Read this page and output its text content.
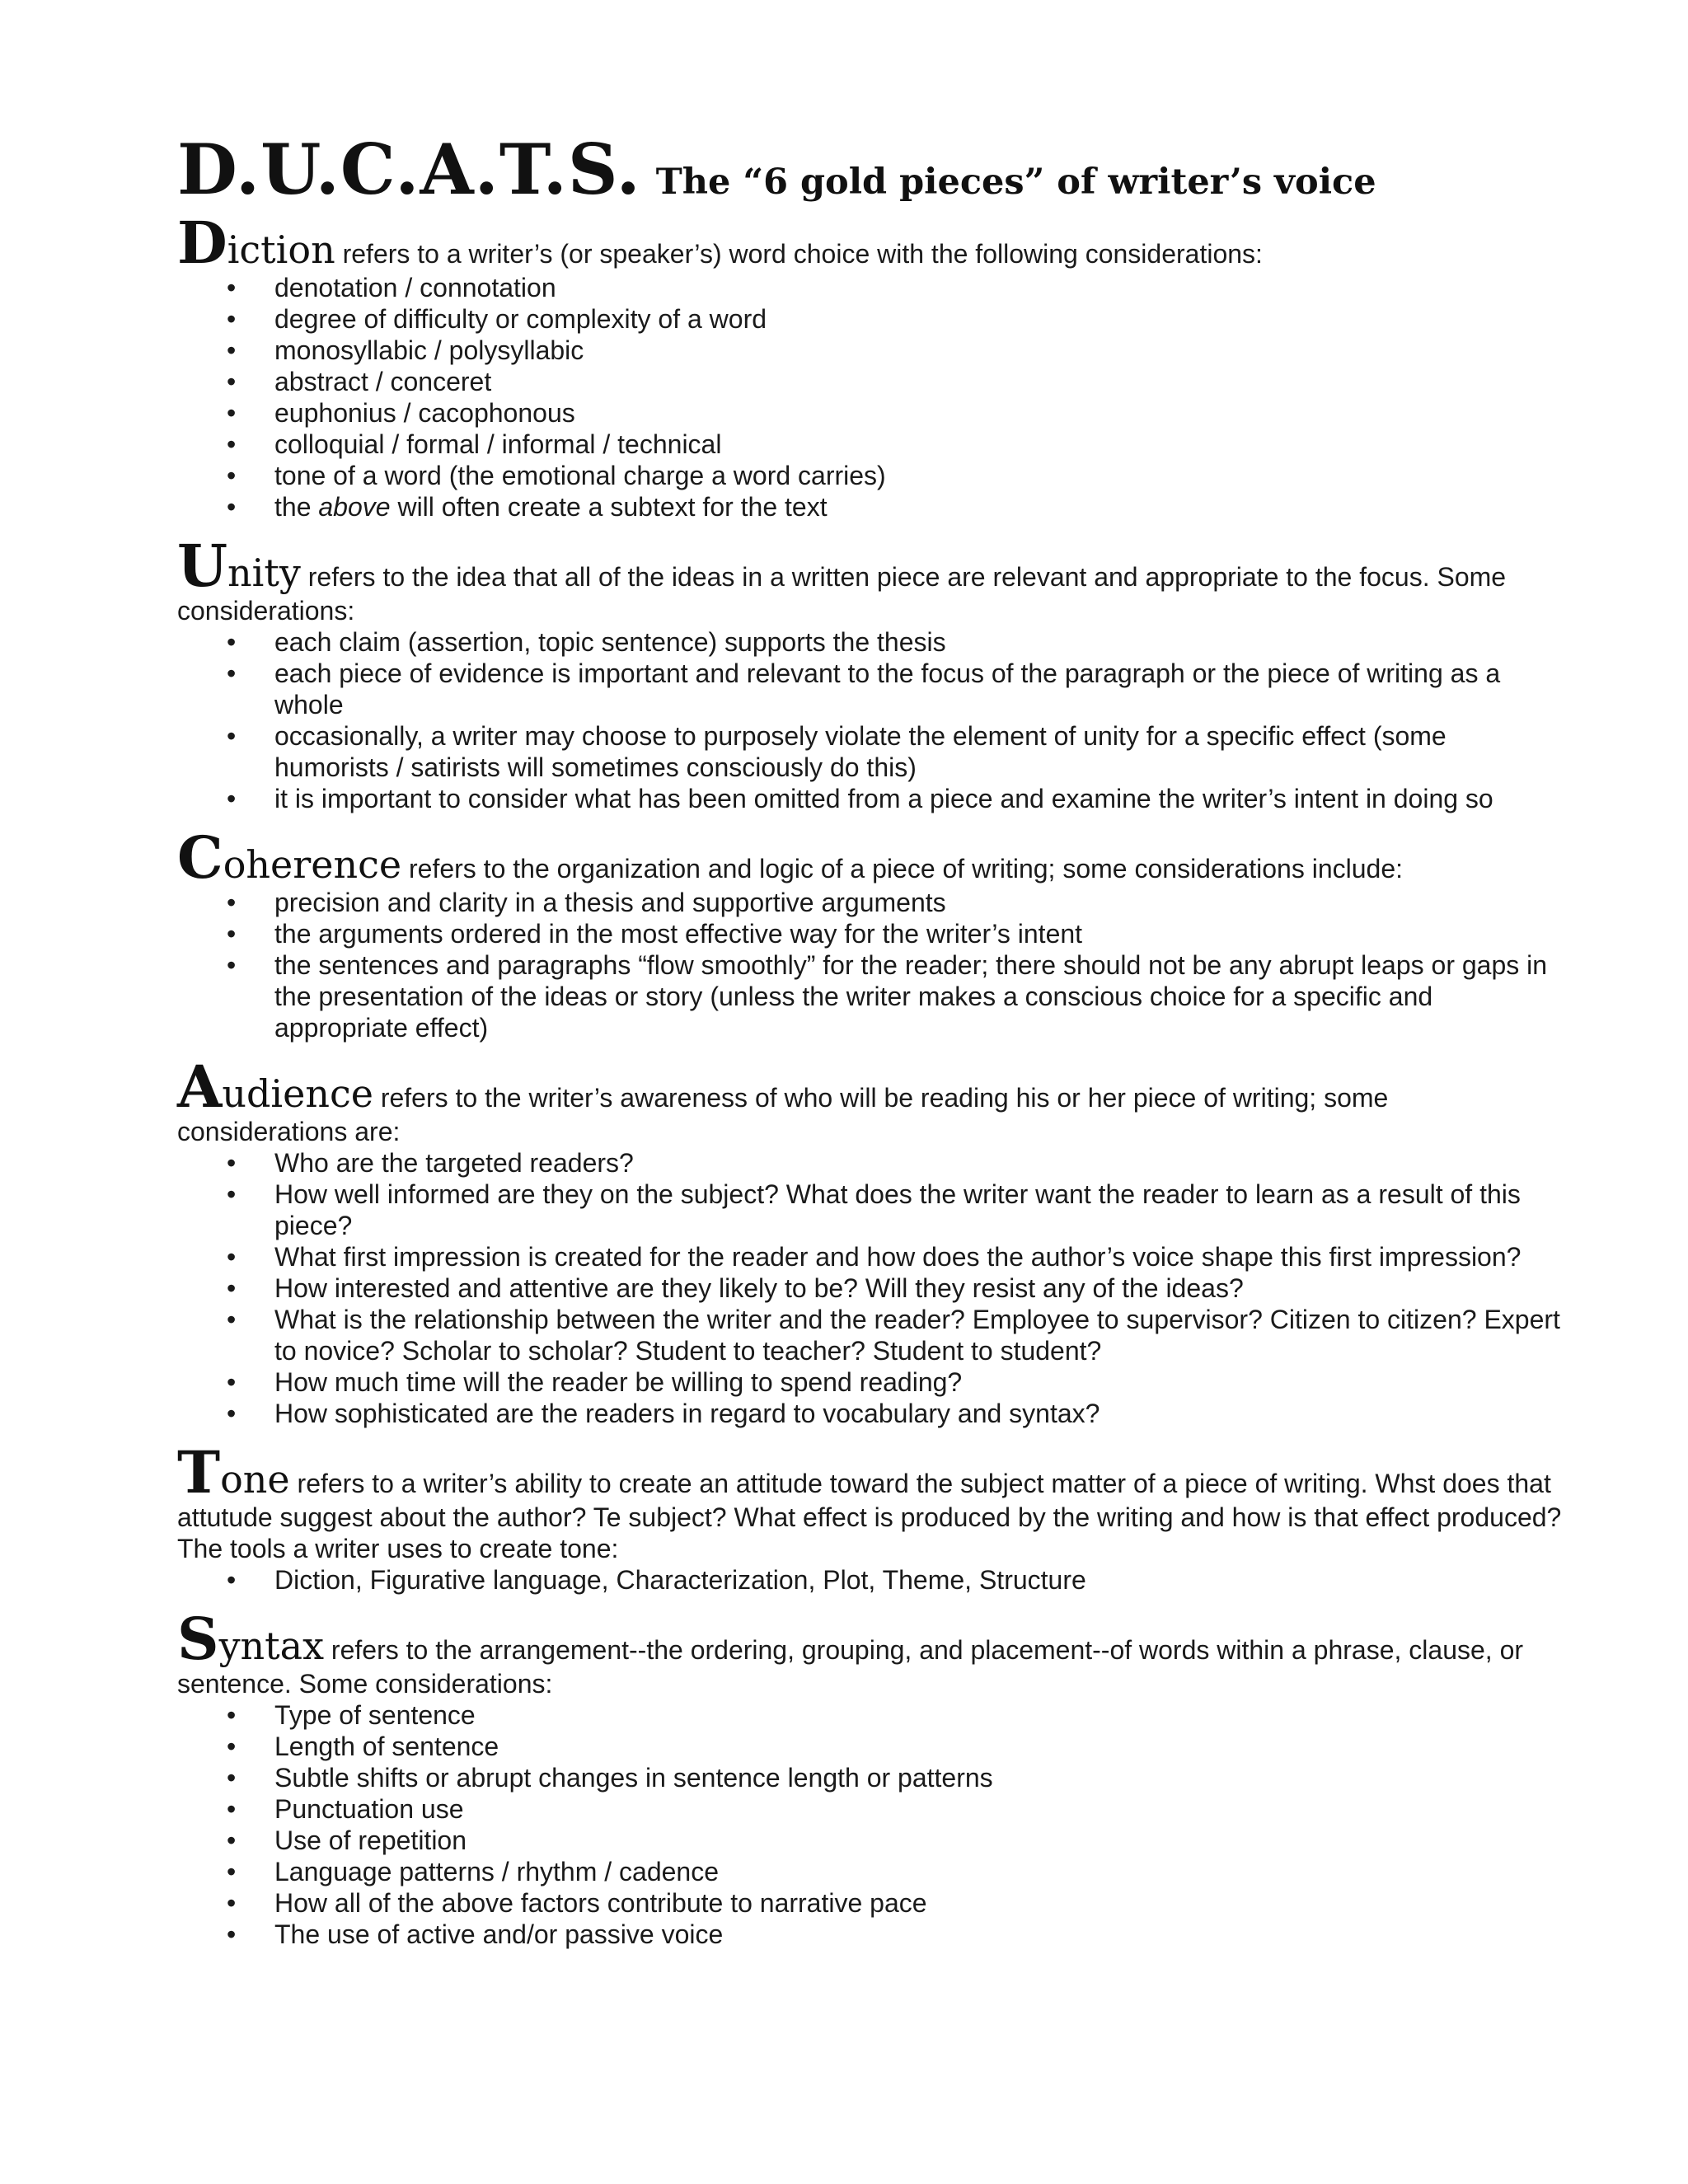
D.U.C.A.T.S. The “6 gold pieces” of writer’s voice

Diction refers to a writer’s (or speaker’s) word choice with the following considerations:

• denotation / connotation
• degree of difficulty or complexity of a word
• monosyllabic / polysyllabic
• abstract / conceret
• euphonius / cacophonous
• colloquial / formal / informal / technical
• tone of a word (the emotional charge a word carries)
• the above will often create a subtext for the text

Unity refers to the idea that all of the ideas in a written piece are relevant and appropriate to the focus. Some considerations:

• each claim (assertion, topic sentence) supports the thesis
• each piece of evidence is important and relevant to the focus of the paragraph or the piece of writing as a whole
• occasionally, a writer may choose to purposely violate the element of unity for a specific effect (some humorists / satirists will sometimes consciously do this)
• it is important to consider what has been omitted from a piece and examine the writer’s intent in doing so

Coherence refers to the organization and logic of a piece of writing; some considerations include:

• precision and clarity in a thesis and supportive arguments
• the arguments ordered in the most effective way for the writer’s intent
• the sentences and paragraphs “flow smoothly” for the reader; there should not be any abrupt leaps or gaps in the presentation of the ideas or story (unless the writer makes a conscious choice for a specific and appropriate effect)

Audience refers to the writer’s awareness of who will be reading his or her piece of writing; some considerations are:

• Who are the targeted readers?
• How well informed are they on the subject? What does the writer want the reader to learn as a result of this piece?
• What first impression is created for the reader and how does the author’s voice shape this first impression?
• How interested and attentive are they likely to be? Will they resist any of the ideas?
• What is the relationship between the writer and the reader? Employee to supervisor? Citizen to citizen? Expert to novice? Scholar to scholar? Student to teacher? Student to student?
• How much time will the reader be willing to spend reading?
• How sophisticated are the readers in regard to vocabulary and syntax?

Tone refers to a writer’s ability to create an attitude toward the subject matter of a piece of writing. Whst does that attutude suggest about the author? Te subject? What effect is produced by the writing and how is that effect produced? The tools a writer uses to create tone:

• Diction, Figurative language, Characterization, Plot, Theme, Structure

Syntax refers to the arrangement--the ordering, grouping, and placement--of words within a phrase, clause, or sentence. Some considerations:

• Type of sentence
• Length of sentence
• Subtle shifts or abrupt changes in sentence length or patterns
• Punctuation use
• Use of repetition
• Language patterns / rhythm / cadence
• How all of the above factors contribute to narrative pace
• The use of active and/or passive voice
